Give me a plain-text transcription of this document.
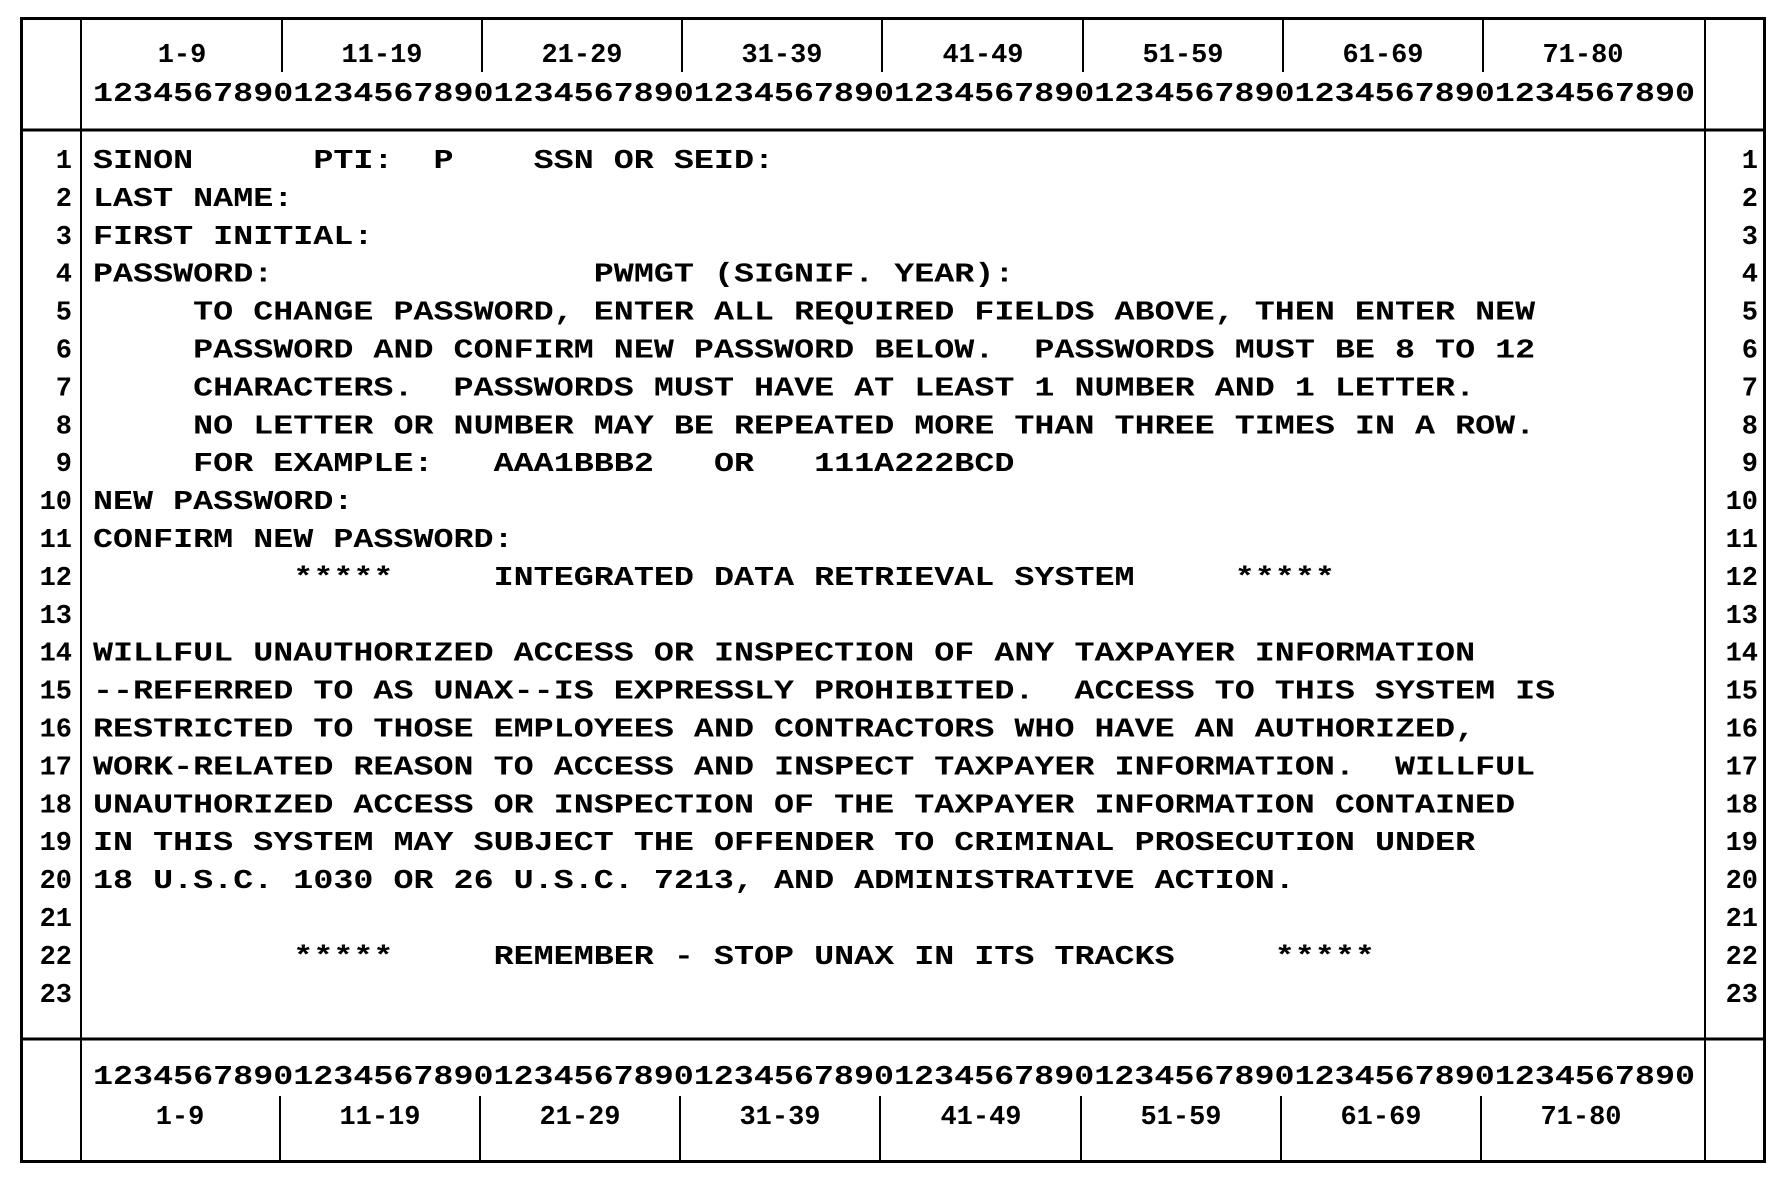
1-9	11-19	21-29	31-39	41-49	51-59	61-69	71-80
12345678901234567890123456789012345678901234567890123456789012345678901234567890
1	1
SINON      PTI:  P    SSN OR SEID:
2	2
LAST NAME:
3	3
FIRST INITIAL:
4	4
PASSWORD:                PWMGT (SIGNIF. YEAR):
5	5
TO CHANGE PASSWORD, ENTER ALL REQUIRED FIELDS ABOVE, THEN ENTER NEW
6	6
PASSWORD AND CONFIRM NEW PASSWORD BELOW.  PASSWORDS MUST BE 8 TO 12
7	7
CHARACTERS.  PASSWORDS MUST HAVE AT LEAST 1 NUMBER AND 1 LETTER.
8	8
NO LETTER OR NUMBER MAY BE REPEATED MORE THAN THREE TIMES IN A ROW.
9	9
FOR EXAMPLE:   AAA1BBB2   OR   111A222BCD
10	10
NEW PASSWORD:
11	11
CONFIRM NEW PASSWORD:
12	12
*****     INTEGRATED DATA RETRIEVAL SYSTEM     *****
13	13
14	14
WILLFUL UNAUTHORIZED ACCESS OR INSPECTION OF ANY TAXPAYER INFORMATION
15	15
--REFERRED TO AS UNAX--IS EXPRESSLY PROHIBITED.  ACCESS TO THIS SYSTEM IS
16	16
RESTRICTED TO THOSE EMPLOYEES AND CONTRACTORS WHO HAVE AN AUTHORIZED,
17	17
WORK-RELATED REASON TO ACCESS AND INSPECT TAXPAYER INFORMATION.  WILLFUL
18	18
UNAUTHORIZED ACCESS OR INSPECTION OF THE TAXPAYER INFORMATION CONTAINED
19	19
IN THIS SYSTEM MAY SUBJECT THE OFFENDER TO CRIMINAL PROSECUTION UNDER
20	20
18 U.S.C. 1030 OR 26 U.S.C. 7213, AND ADMINISTRATIVE ACTION.
21	21
22	22
*****     REMEMBER - STOP UNAX IN ITS TRACKS     *****
23	23
12345678901234567890123456789012345678901234567890123456789012345678901234567890
1-9	11-19	21-29	31-39	41-49	51-59	61-69	71-80
